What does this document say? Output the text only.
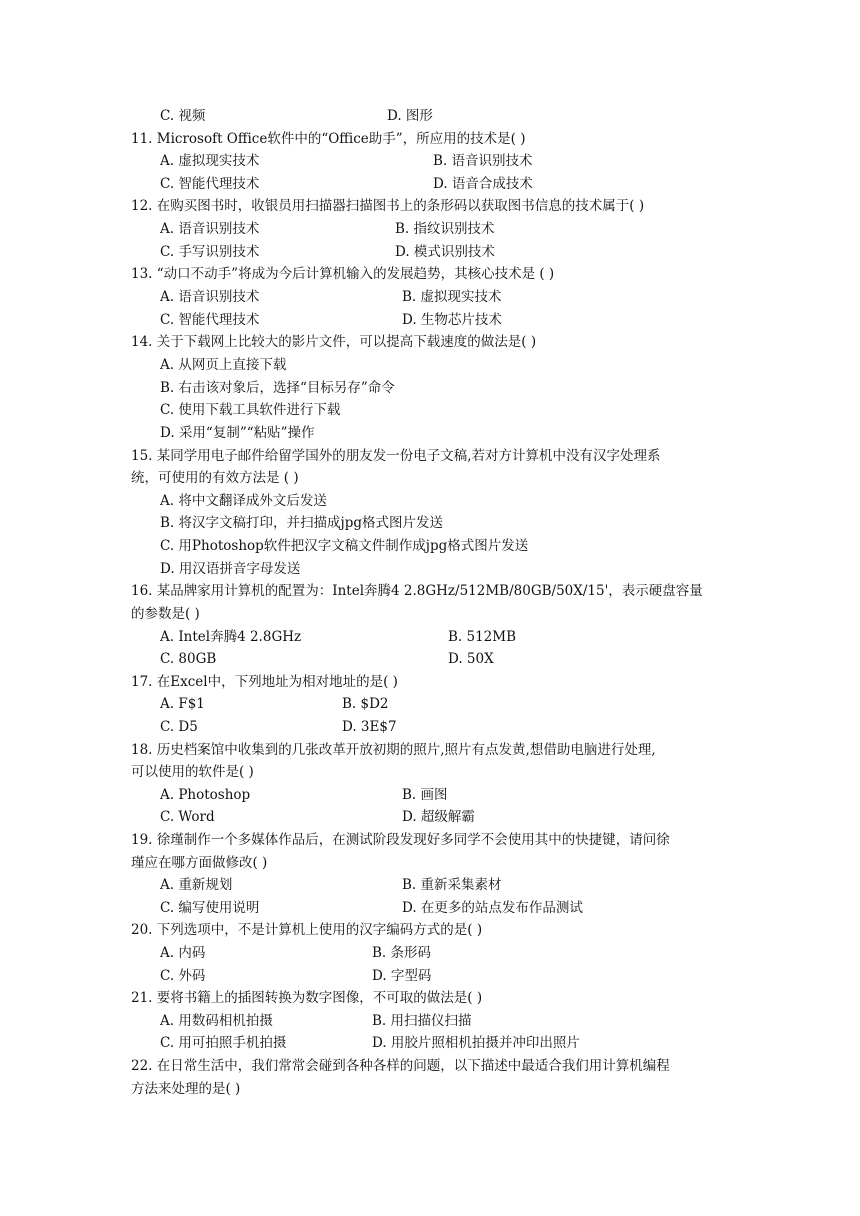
C. 视频	D. 图形
11. Microsoft Office软件中的“Office助手”，所应用的技术是( )
A. 虚拟现实技术	B. 语音识别技术
C. 智能代理技术	D. 语音合成技术
12. 在购买图书时，收银员用扫描器扫描图书上的条形码以获取图书信息的技术属于( )
A. 语音识别技术	B. 指纹识别技术
C. 手写识别技术	D. 模式识别技术
13. “动口不动手”将成为今后计算机输入的发展趋势，其核心技术是 ( )
A. 语音识别技术	B. 虚拟现实技术
C. 智能代理技术	D. 生物芯片技术
14. 关于下载网上比较大的影片文件，可以提高下载速度的做法是( )
A. 从网页上直接下载
B. 右击该对象后，选择“目标另存”命令
C. 使用下载工具软件进行下载
D. 采用“复制”“粘贴”操作
15. 某同学用电子邮件给留学国外的朋友发一份电子文稿,若对方计算机中没有汉字处理系
统，可使用的有效方法是 ( )
A. 将中文翻译成外文后发送
B. 将汉字文稿打印，并扫描成jpg格式图片发送
C. 用Photoshop软件把汉字文稿文件制作成jpg格式图片发送
D. 用汉语拼音字母发送
16. 某品牌家用计算机的配置为：Intel奔腾4 2.8GHz/512MB/80GB/50X/15'，表示硬盘容量
的参数是( )
A. Intel奔腾4 2.8GHz	B. 512MB
C. 80GB	D. 50X
17. 在Excel中，下列地址为相对地址的是( )
A. F$1	B. $D2
C. D5	D. 3E$7
18. 历史档案馆中收集到的几张改革开放初期的照片,照片有点发黄,想借助电脑进行处理,
可以使用的软件是( )
A. Photoshop	B. 画图
C. Word	D. 超级解霸
19. 徐瑾制作一个多媒体作品后，在测试阶段发现好多同学不会使用其中的快捷键，请问徐
瑾应在哪方面做修改( )
A. 重新规划	B. 重新采集素材
C. 编写使用说明	D. 在更多的站点发布作品测试
20. 下列选项中，不是计算机上使用的汉字编码方式的是( )
A. 内码	B. 条形码
C. 外码	D. 字型码
21. 要将书籍上的插图转换为数字图像，不可取的做法是( )
A. 用数码相机拍摄	B. 用扫描仪扫描
C. 用可拍照手机拍摄	D. 用胶片照相机拍摄并冲印出照片
22. 在日常生活中，我们常常会碰到各种各样的问题，以下描述中最适合我们用计算机编程
方法来处理的是( )
